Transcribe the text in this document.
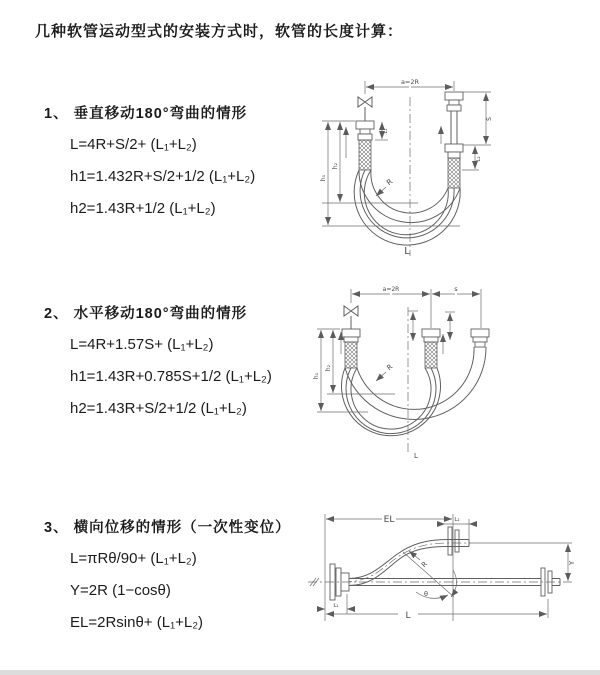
几种软管运动型式的安装方式时，软管的长度计算：
1、 垂直移动180°弯曲的情形
L=4R+S/2+ (L₁+L₂)
h1=1.432R+S/2+1/2 (L₁+L₂)
h2=1.43R+1/2 (L₁+L₂)
a=2R
h₁
h₂
L₁
S
L₂
R
L
2、 水平移动180°弯曲的情形
L=4R+1.57S+ (L₁+L₂)
h1=1.43R+0.785S+1/2 (L₁+L₂)
h2=1.43R+S/2+1/2 (L₁+L₂)
a=2R	s
h₁
h₂	R
L
3、 横向位移的情形（一次性变位）
L=πRθ/90+ (L₁+L₂)
Y=2R (1−cosθ)
EL=2Rsinθ+ (L₁+L₂)
EL	L₂
Y
R
θ
L₁
L
